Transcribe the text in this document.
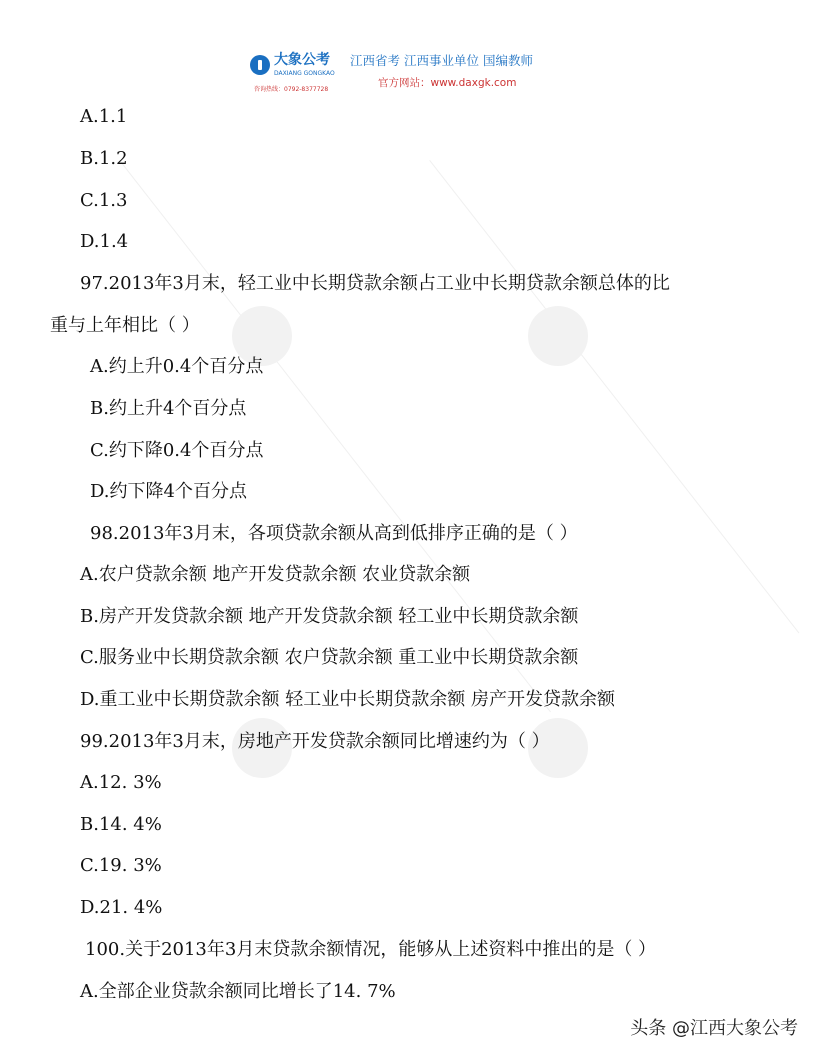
大象公考
DAXIANG GONGKAO
江西省考 江西事业单位 国编教师
咨询热线：0792-8377728
官方网站：www.daxgk.com
A.1.1
B.1.2
C.1.3
D.1.4
97.2013年3月末，轻工业中长期贷款余额占工业中长期贷款余额总体的比
重与上年相比（ ）
A.约上升0.4个百分点
B.约上升4个百分点
C.约下降0.4个百分点
D.约下降4个百分点
98.2013年3月末，各项贷款余额从高到低排序正确的是（ ）
A.农户贷款余额 地产开发贷款余额 农业贷款余额
B.房产开发贷款余额 地产开发贷款余额 轻工业中长期贷款余额
C.服务业中长期贷款余额 农户贷款余额 重工业中长期贷款余额
D.重工业中长期贷款余额 轻工业中长期贷款余额 房产开发贷款余额
99.2013年3月末，房地产开发贷款余额同比增速约为（ ）
A.12. 3%
B.14. 4%
C.19. 3%
D.21. 4%
100.关于2013年3月末贷款余额情况，能够从上述资料中推出的是（ ）
A.全部企业贷款余额同比增长了14. 7%
头条 @江西大象公考
